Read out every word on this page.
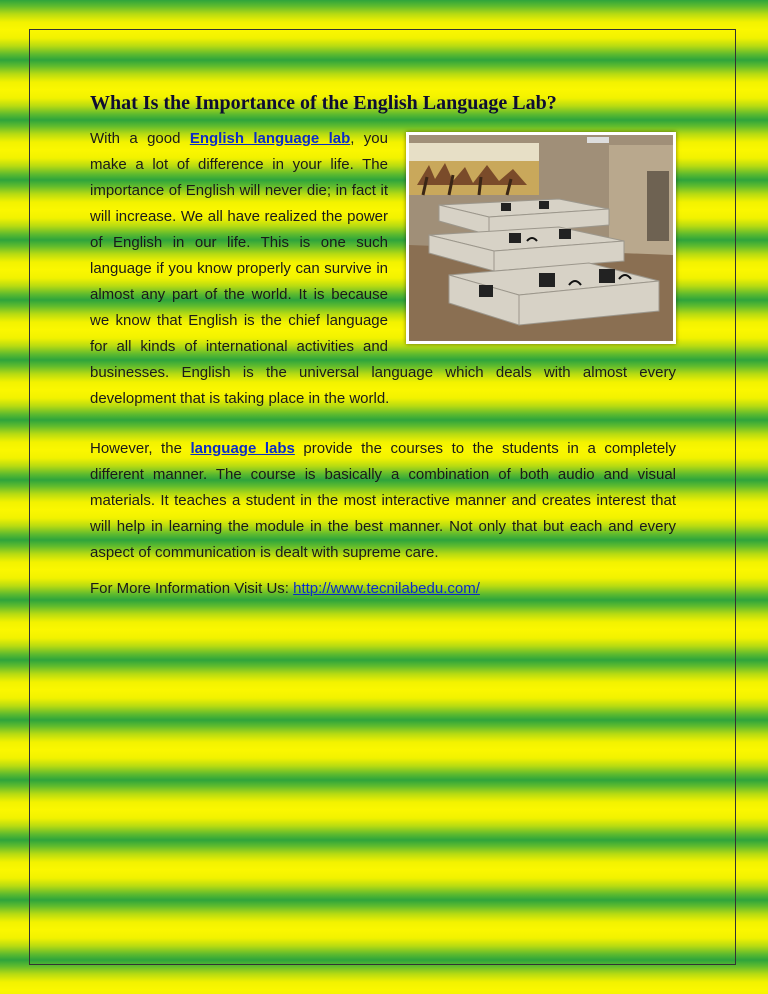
What Is the Importance of the English Language Lab?

With a good English language lab, you make a lot of difference in your life. The importance of English will never die; in fact it will increase. We all have realized the power of English in our life. This is one such language if you know properly can survive in almost any part of the world. It is because we know that English is the chief language for all kinds of international activities and businesses. English is the universal language which deals with almost every development that is taking place in the world.

However, the language labs provide the courses to the students in a completely different manner. The course is basically a combination of both audio and visual materials. It teaches a student in the most interactive manner and creates interest that will help in learning the module in the best manner. Not only that but each and every aspect of communication is dealt with supreme care.

For More Information Visit Us: http://www.tecnilabedu.com/
